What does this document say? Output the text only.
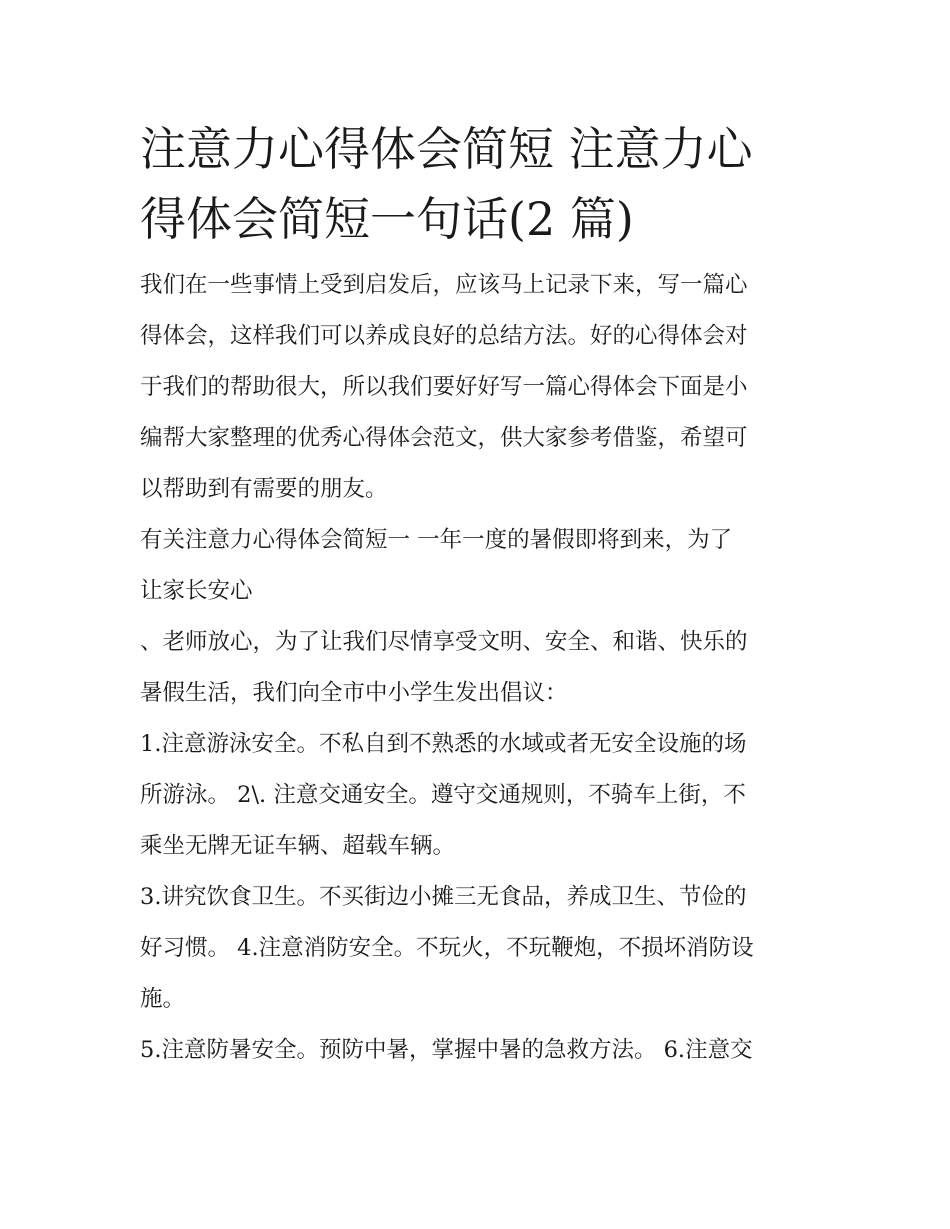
注意力心得体会简短 注意力心
得体会简短一句话(2 篇)
我们在一些事情上受到启发后，应该马上记录下来，写一篇心
得体会，这样我们可以养成良好的总结方法。好的心得体会对
于我们的帮助很大，所以我们要好好写一篇心得体会下面是小
编帮大家整理的优秀心得体会范文，供大家参考借鉴，希望可
以帮助到有需要的朋友。
有关注意力心得体会简短一 一年一度的暑假即将到来，为了
让家长安心
、老师放心，为了让我们尽情享受文明、安全、和谐、快乐的
暑假生活，我们向全市中小学生发出倡议：
1.注意游泳安全。不私自到不熟悉的水域或者无安全设施的场
所游泳。 2\. 注意交通安全。遵守交通规则，不骑车上街，不
乘坐无牌无证车辆、超载车辆。
3.讲究饮食卫生。不买街边小摊三无食品，养成卫生、节俭的
好习惯。 4.注意消防安全。不玩火，不玩鞭炮，不损坏消防设
施。
5.注意防暑安全。预防中暑，掌握中暑的急救方法。 6.注意交
